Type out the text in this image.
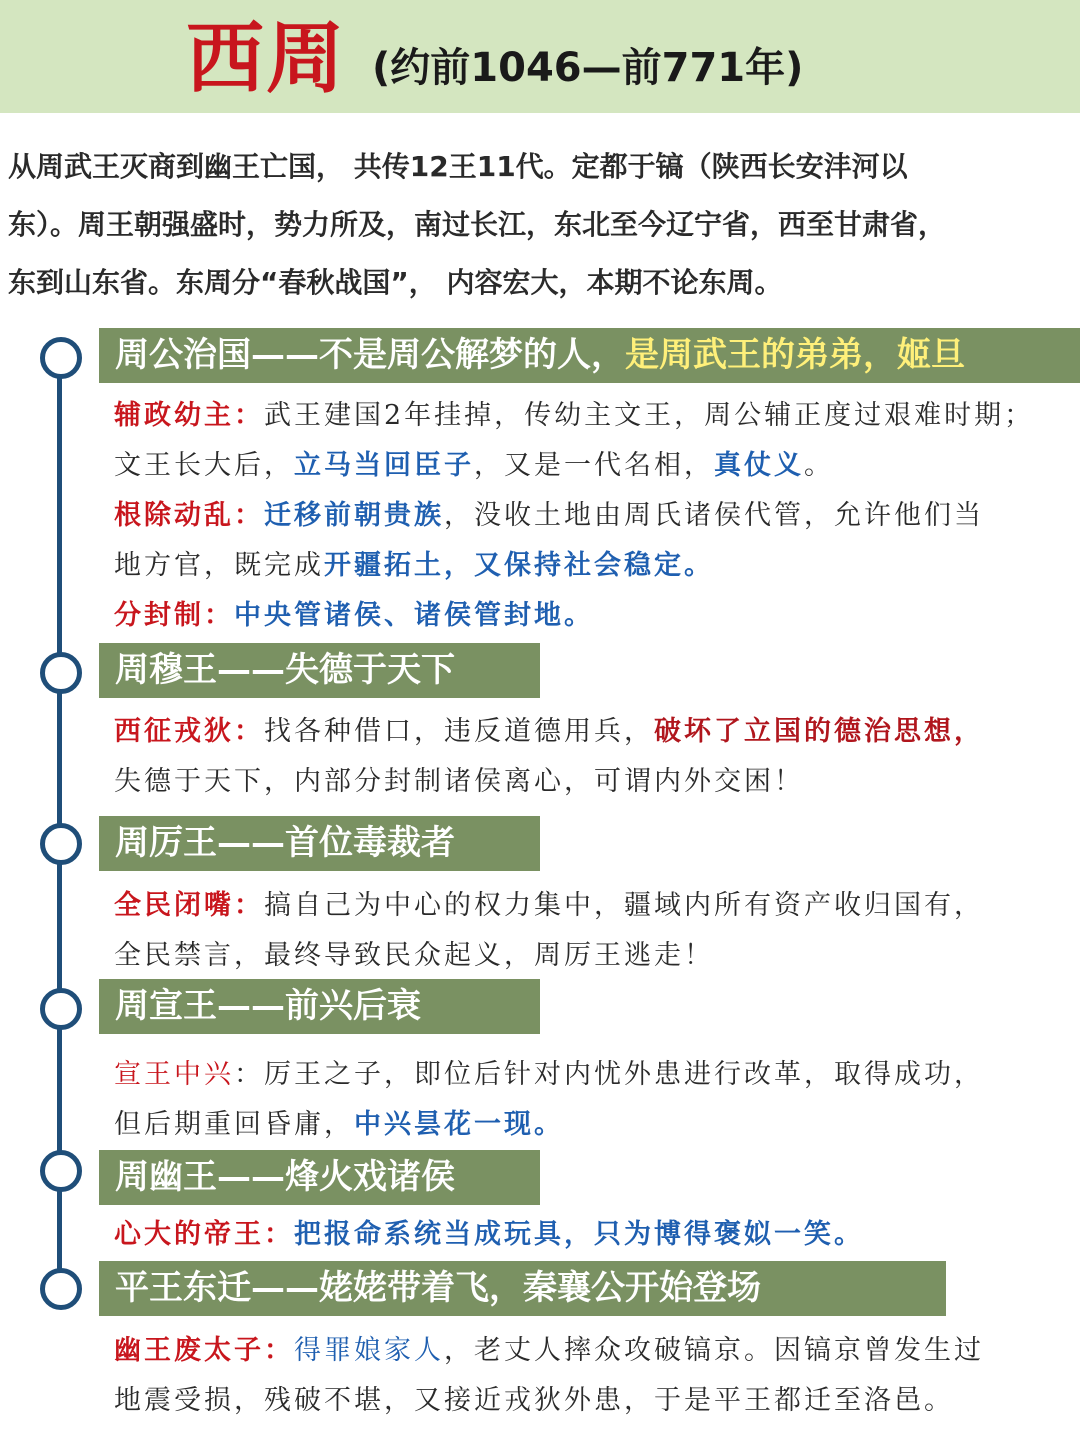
西周 (约前1046—前771年)
从周武王灭商到幽王亡国， 共传12王11代。定都于镐（陕西长安沣河以
东）。周王朝强盛时，势力所及，南过长江，东北至今辽宁省，西至甘肃省，
东到山东省。东周分“春秋战国”， 内容宏大，本期不论东周。
周公治国——不是周公解梦的人，是周武王的弟弟，姬旦
辅政幼主：武王建国2年挂掉，传幼主文王，周公辅正度过艰难时期；
文王长大后，立马当回臣子，又是一代名相，真仗义。
根除动乱：迁移前朝贵族，没收土地由周氏诸侯代管，允许他们当
地方官，既完成开疆拓土，又保持社会稳定。
分封制：中央管诸侯、诸侯管封地。
周穆王——失德于天下
西征戎狄：找各种借口，违反道德用兵，破坏了立国的德治思想，
失德于天下，内部分封制诸侯离心，可谓内外交困！
周厉王——首位毒裁者
全民闭嘴：搞自己为中心的权力集中，疆域内所有资产收归国有，
全民禁言，最终导致民众起义，周厉王逃走！
周宣王——前兴后衰
宣王中兴：厉王之子，即位后针对内忧外患进行改革，取得成功，
但后期重回昏庸，中兴昙花一现。
周幽王——烽火戏诸侯
心大的帝王：把报命系统当成玩具，只为博得褒姒一笑。
平王东迁——姥姥带着飞，秦襄公开始登场
幽王废太子：得罪娘家人，老丈人摔众攻破镐京。因镐京曾发生过
地震受损，残破不堪，又接近戎狄外患，于是平王都迁至洛邑。
